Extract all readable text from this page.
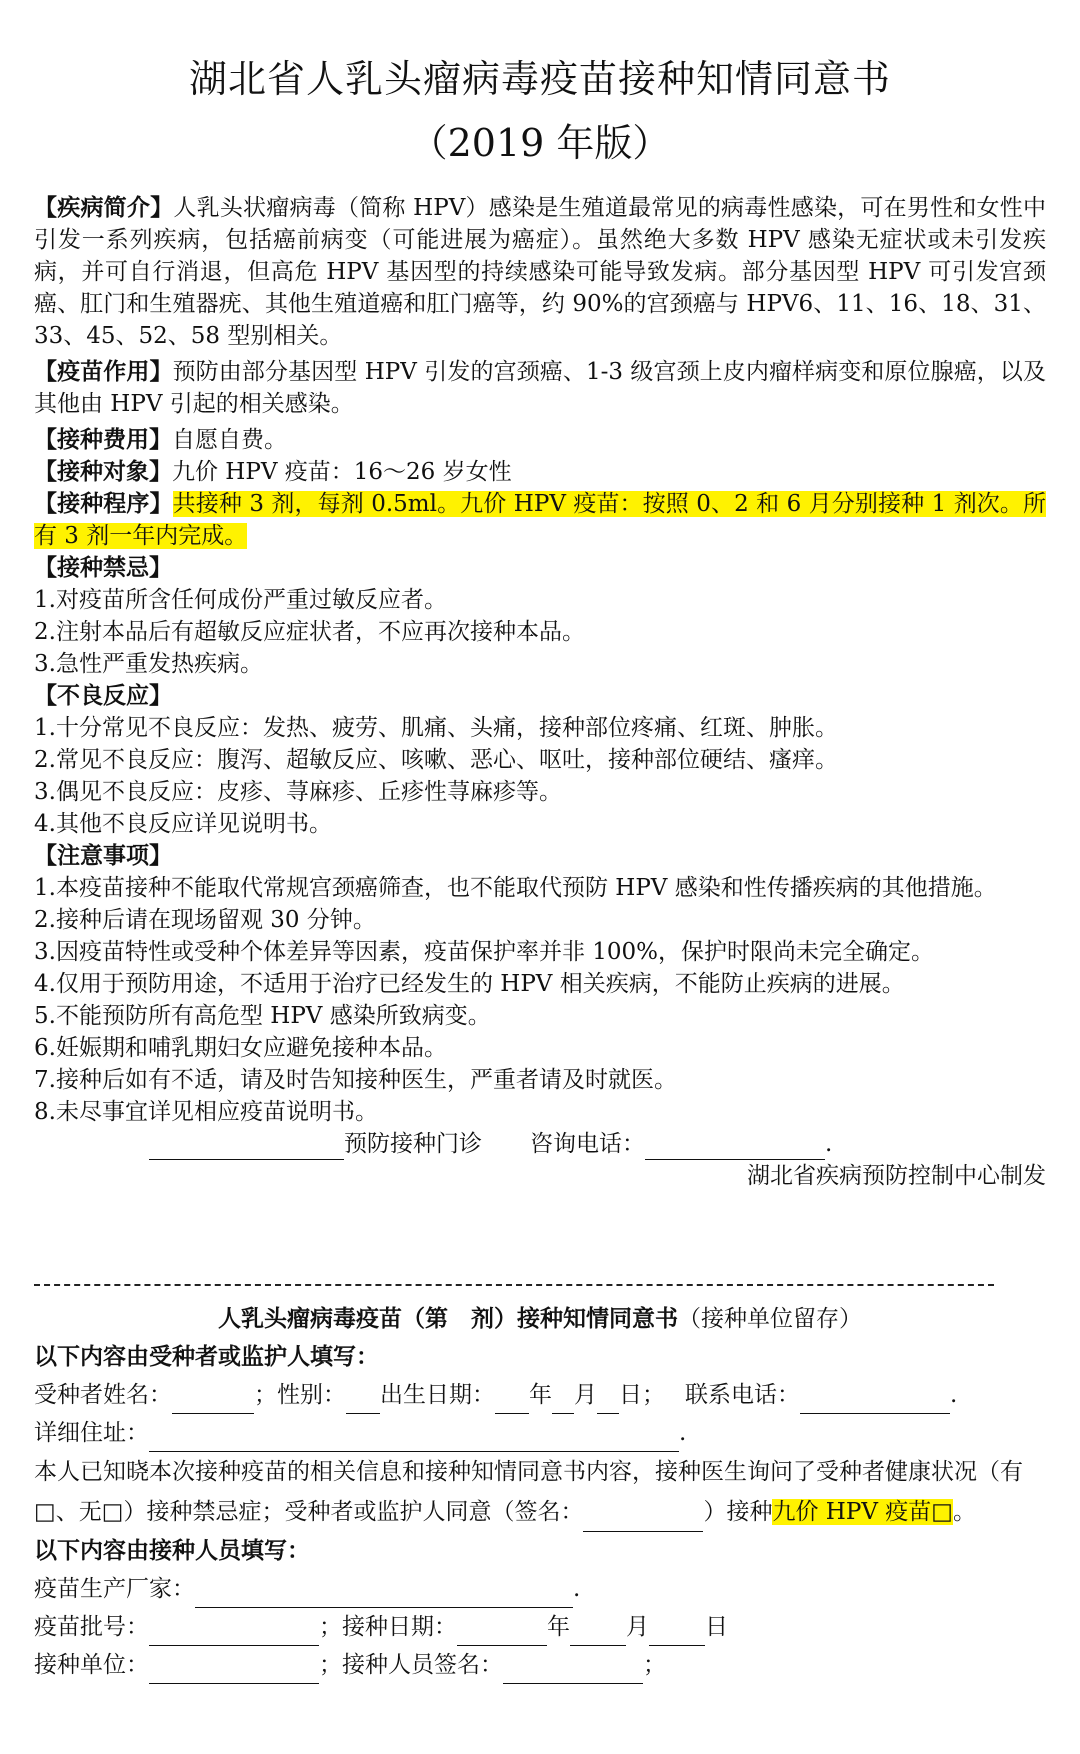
湖北省人乳头瘤病毒疫苗接种知情同意书
（2019 年版）

【疾病简介】人乳头状瘤病毒（简称 HPV）感染是生殖道最常见的病毒性感染，可在男性和女性中引发一系列疾病，包括癌前病变（可能进展为癌症）。虽然绝大多数 HPV 感染无症状或未引发疾病，并可自行消退，但高危 HPV 基因型的持续感染可能导致发病。部分基因型 HPV 可引发宫颈癌、肛门和生殖器疣、其他生殖道癌和肛门癌等，约 90%的宫颈癌与 HPV6、11、16、18、31、33、45、52、58 型别相关。

【疫苗作用】预防由部分基因型 HPV 引发的宫颈癌、1-3 级宫颈上皮内瘤样病变和原位腺癌，以及其他由 HPV 引起的相关感染。

【接种费用】自愿自费。

【接种对象】九价 HPV 疫苗：16～26 岁女性

【接种程序】共接种 3 剂，每剂 0.5ml。九价 HPV 疫苗：按照 0、2 和 6 月分别接种 1 剂次。所有 3 剂一年内完成。

【接种禁忌】

1.对疫苗所含任何成份严重过敏反应者。

2.注射本品后有超敏反应症状者，不应再次接种本品。

3.急性严重发热疾病。

【不良反应】

1.十分常见不良反应：发热、疲劳、肌痛、头痛，接种部位疼痛、红斑、肿胀。

2.常见不良反应：腹泻、超敏反应、咳嗽、恶心、呕吐，接种部位硬结、瘙痒。

3.偶见不良反应：皮疹、荨麻疹、丘疹性荨麻疹等。

4.其他不良反应详见说明书。

【注意事项】

1.本疫苗接种不能取代常规宫颈癌筛查，也不能取代预防 HPV 感染和性传播疾病的其他措施。

2.接种后请在现场留观 30 分钟。

3.因疫苗特性或受种个体差异等因素，疫苗保护率并非 100%，保护时限尚未完全确定。

4.仅用于预防用途，不适用于治疗已经发生的 HPV 相关疾病，不能防止疾病的进展。

5.不能预防所有高危型 HPV 感染所致病变。

6.妊娠期和哺乳期妇女应避免接种本品。

7.接种后如有不适，请及时告知接种医生，严重者请及时就医。

8.未尽事宜详见相应疫苗说明书。

预防接种门诊 咨询电话：	.
湖北省疾病预防控制中心制发
人乳头瘤病毒疫苗（第　剂）接种知情同意书（接种单位留存）
以下内容由受种者或监护人填写：
受种者姓名：	；性别： 出生日期： 年 月 日； 联系电话：	.
详细住址：	.
本人已知晓本次接种疫苗的相关信息和接种知情同意书内容，接种医生询问了受种者健康状况（有□、无□）接种禁忌症；受种者或监护人同意（签名：	）接种九价 HPV 疫苗□。
以下内容由接种人员填写：
疫苗生产厂家：	.
疫苗批号：	；接种日期：	年 月 日
接种单位：	；接种人员签名：	；
